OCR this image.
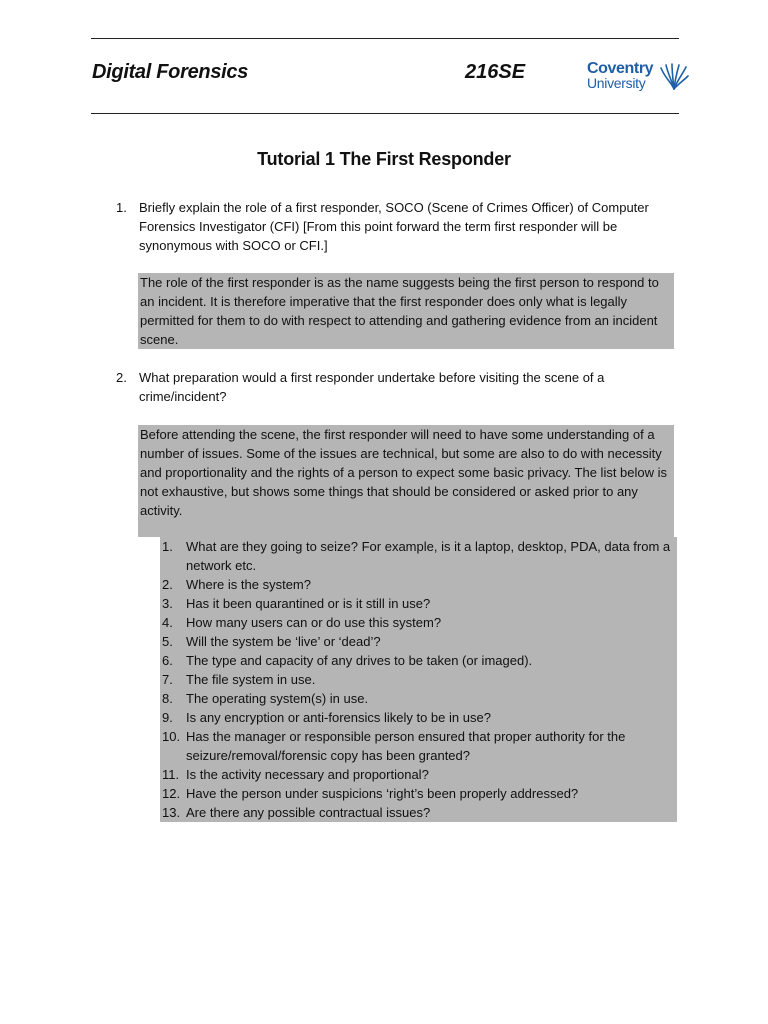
Digital Forensics	216SE	Coventry
University
Tutorial 1 The First Responder
1. Briefly explain the role of a first responder, SOCO (Scene of Crimes Officer) of Computer Forensics Investigator (CFI) [From this point forward the term first responder will be synonymous with SOCO or CFI.]
The role of the first responder is as the name suggests being the first person to respond to an incident. It is therefore imperative that the first responder does only what is legally permitted for them to do with respect to attending and gathering evidence from an incident scene.
2. What preparation would a first responder undertake before visiting the scene of a crime/incident?
Before attending the scene, the first responder will need to have some understanding of a number of issues. Some of the issues are technical, but some are also to do with necessity and proportionality and the rights of a person to expect some basic privacy. The list below is not exhaustive, but shows some things that should be considered or asked prior to any activity.
1. What are they going to seize? For example, is it a laptop, desktop, PDA, data from a network etc.
2. Where is the system?
3. Has it been quarantined or is it still in use?
4. How many users can or do use this system?
5. Will the system be ‘live’ or ‘dead’?
6. The type and capacity of any drives to be taken (or imaged).
7. The file system in use.
8. The operating system(s) in use.
9. Is any encryption or anti-forensics likely to be in use?
10. Has the manager or responsible person ensured that proper authority for the seizure/removal/forensic copy has been granted?
11. Is the activity necessary and proportional?
12. Have the person under suspicions ‘right’s been properly addressed?
13. Are there any possible contractual issues?
